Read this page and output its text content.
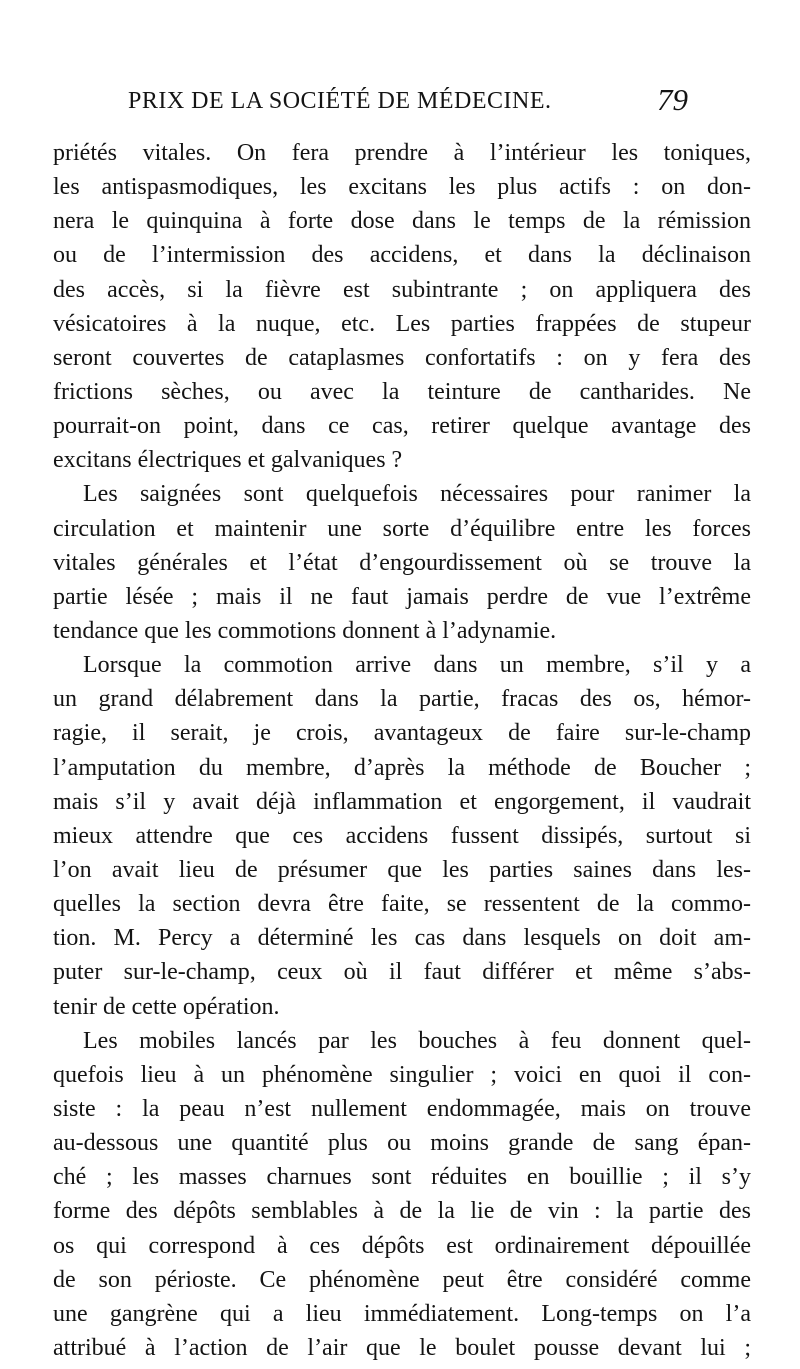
PRIX DE LA SOCIÉTÉ DE MÉDECINE.	79
priétés vitales. On fera prendre à l’intérieur les toniques,
les antispasmodiques, les excitans les plus actifs : on don-
nera le quinquina à forte dose dans le temps de la rémission
ou de l’intermission des accidens, et dans la déclinaison
des accès, si la fièvre est subintrante ; on appliquera des
vésicatoires à la nuque, etc. Les parties frappées de stupeur
seront couvertes de cataplasmes confortatifs : on y fera des
frictions sèches, ou avec la teinture de cantharides. Ne
pourrait-on point, dans ce cas, retirer quelque avantage des
excitans électriques et galvaniques ?
Les saignées sont quelquefois nécessaires pour ranimer la
circulation et maintenir une sorte d’équilibre entre les forces
vitales générales et l’état d’engourdissement où se trouve la
partie lésée ; mais il ne faut jamais perdre de vue l’extrême
tendance que les commotions donnent à l’adynamie.
Lorsque la commotion arrive dans un membre, s’il y a
un grand délabrement dans la partie, fracas des os, hémor-
ragie, il serait, je crois, avantageux de faire sur-le-champ
l’amputation du membre, d’après la méthode de Boucher ;
mais s’il y avait déjà inflammation et engorgement, il vaudrait
mieux attendre que ces accidens fussent dissipés, surtout si
l’on avait lieu de présumer que les parties saines dans les-
quelles la section devra être faite, se ressentent de la commo-
tion. M. Percy a déterminé les cas dans lesquels on doit am-
puter sur-le-champ, ceux où il faut différer et même s’abs-
tenir de cette opération.
Les mobiles lancés par les bouches à feu donnent quel-
quefois lieu à un phénomène singulier ; voici en quoi il con-
siste : la peau n’est nullement endommagée, mais on trouve
au-dessous une quantité plus ou moins grande de sang épan-
ché ; les masses charnues sont réduites en bouillie ; il s’y
forme des dépôts semblables à de la lie de vin : la partie des
os qui correspond à ces dépôts est ordinairement dépouillée
de son périoste. Ce phénomène peut être considéré comme
une gangrène qui a lieu immédiatement. Long-temps on l’a
attribué à l’action de l’air que le boulet pousse devant lui ;
